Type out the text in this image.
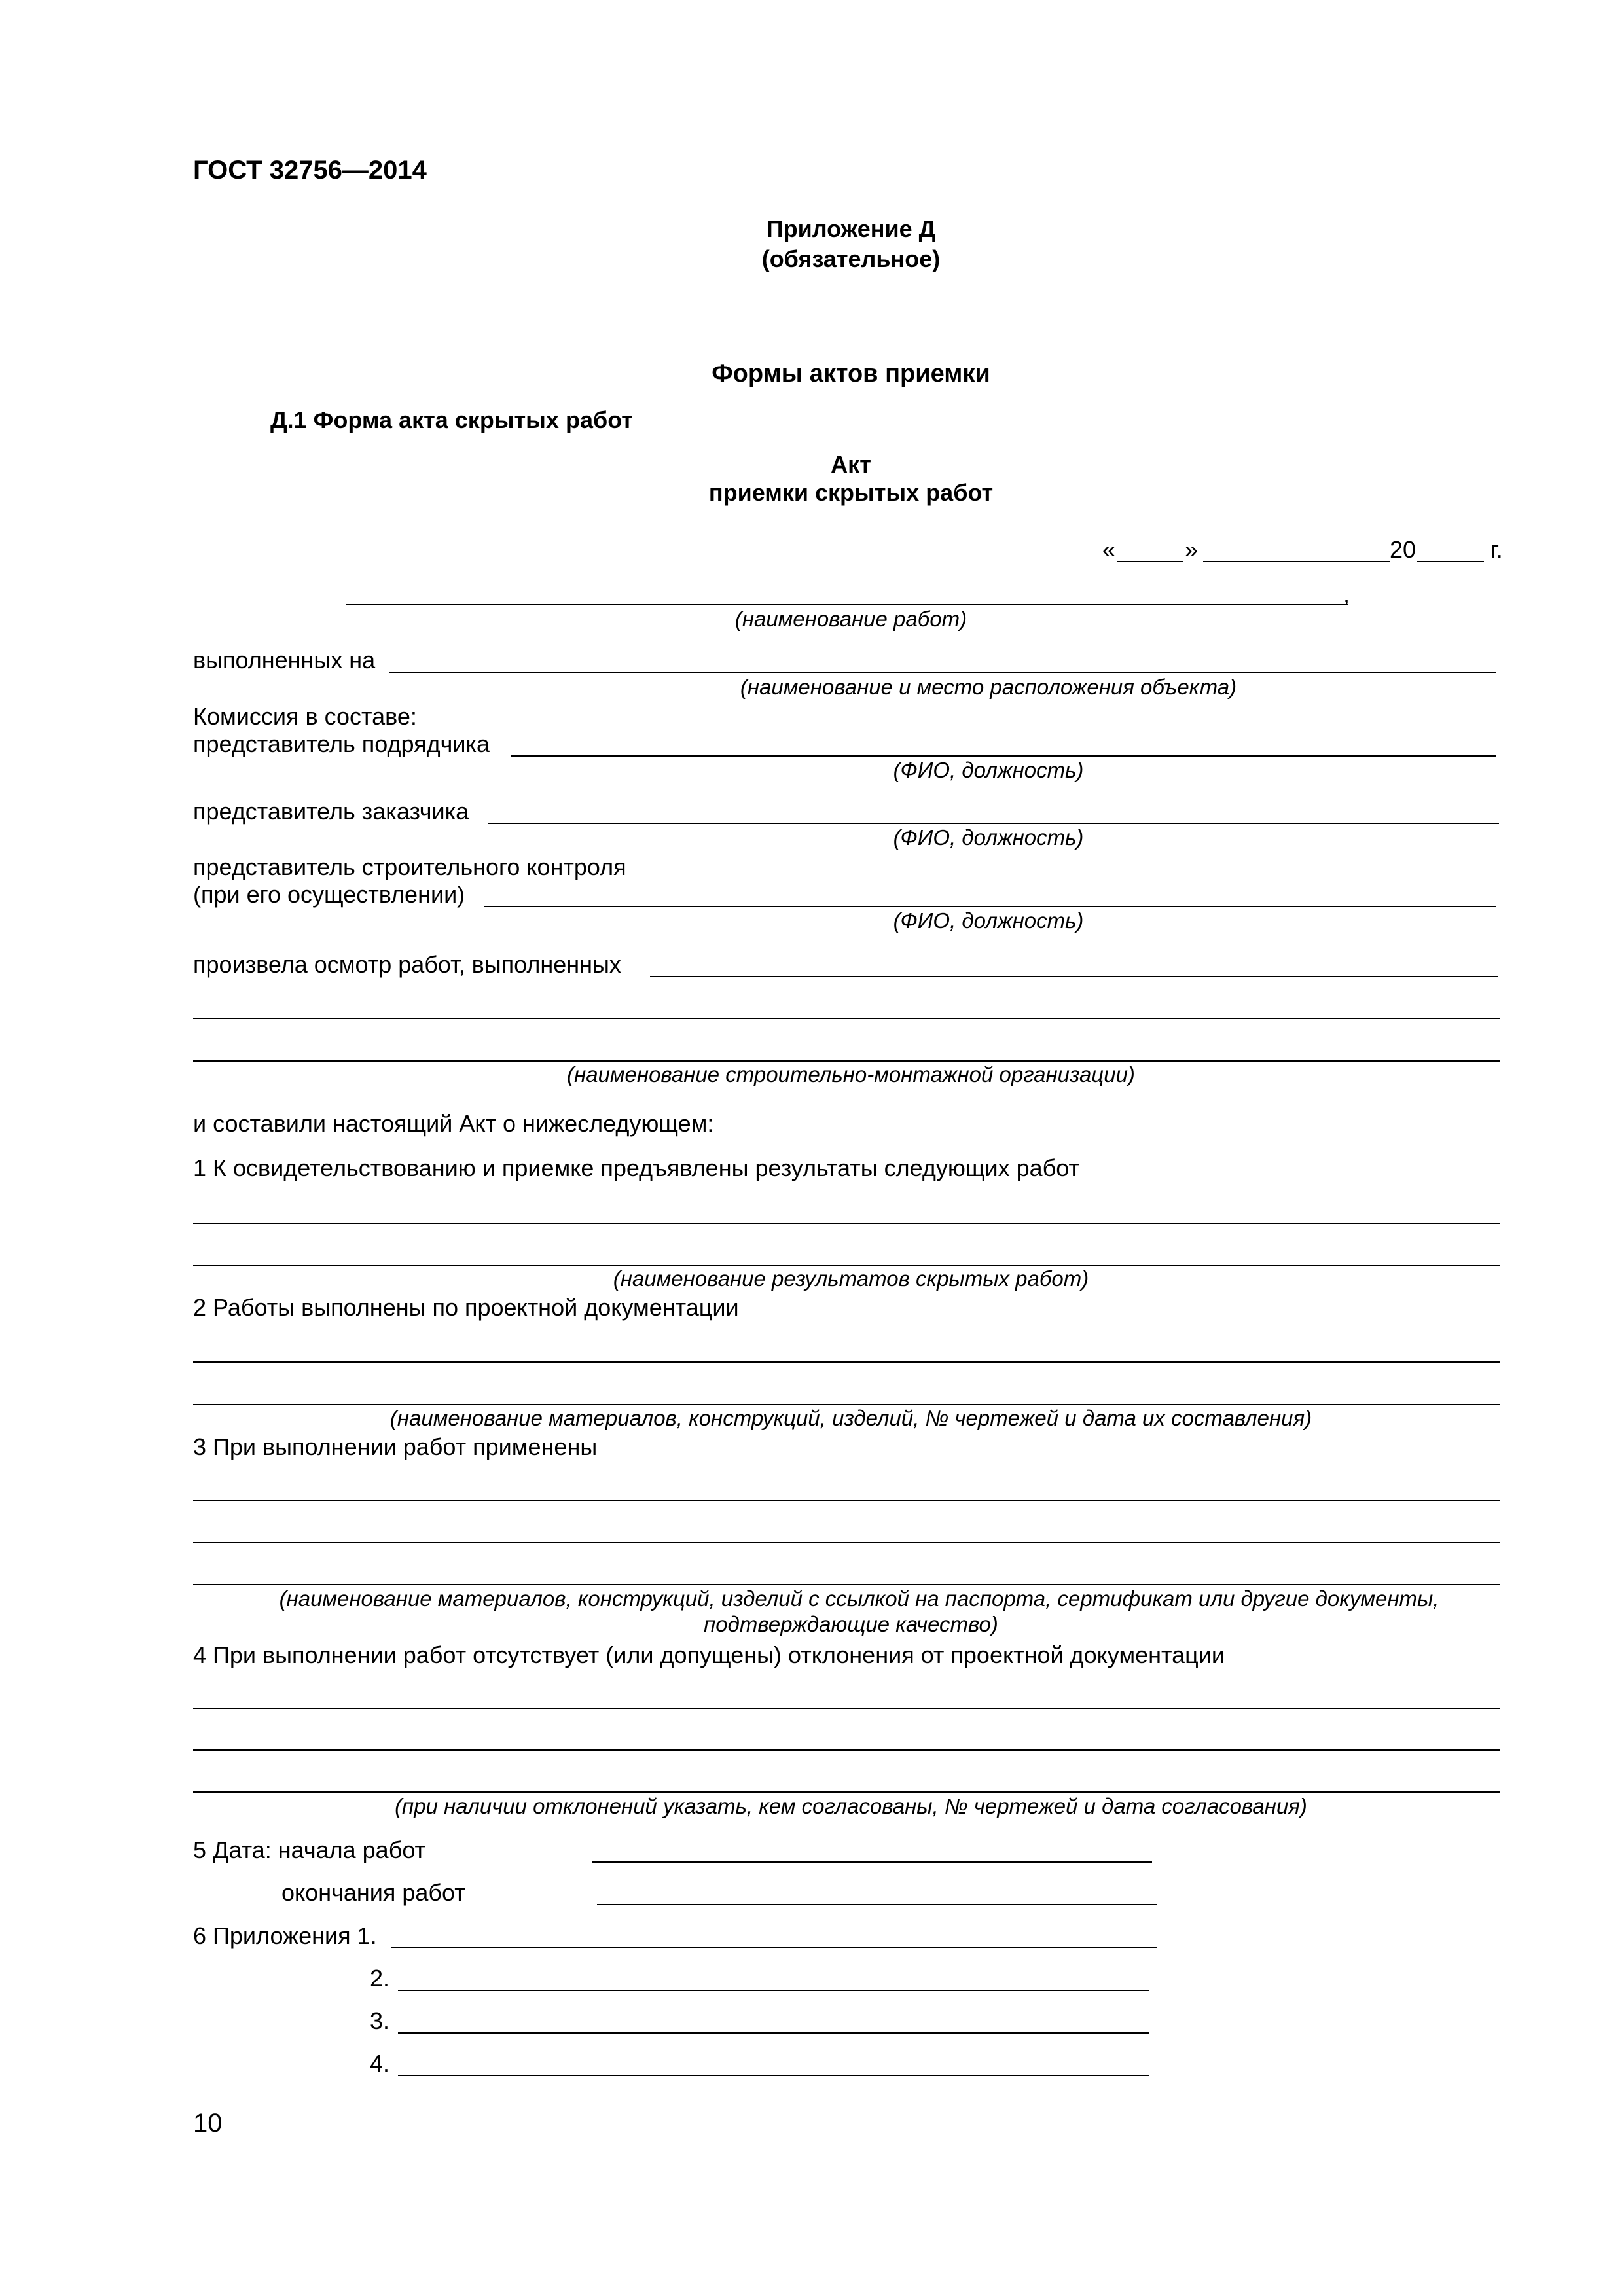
ГОСТ 32756—2014
Приложение Д
(обязательное)
Формы актов приемки
Д.1 Форма акта скрытых работ
Акт
приемки скрытых работ
«	»	20	г.
,
(наименование работ)
выполненных на
(наименование и место расположения объекта)
Комиссия в составе:
представитель подрядчика
(ФИО, должность)
представитель заказчика
(ФИО, должность)
представитель строительного контроля
(при его осуществлении)
(ФИО, должность)
произвела осмотр работ, выполненных
(наименование строительно-монтажной организации)
и составили настоящий Акт о нижеследующем:
1 К освидетельствованию и приемке предъявлены результаты следующих работ
(наименование результатов скрытых работ)
2 Работы выполнены по проектной документации
(наименование материалов, конструкций, изделий, № чертежей и дата их составления)
3 При выполнении работ применены
(наименование материалов, конструкций, изделий с ссылкой на паспорта, сертификат или другие документы,
подтверждающие качество)
4 При выполнении работ отсутствует (или допущены) отклонения от проектной документации
(при наличии отклонений указать, кем согласованы, № чертежей и дата согласования)
5 Дата: начала работ
окончания работ
6 Приложения 1.
2.
3.
4.
10
